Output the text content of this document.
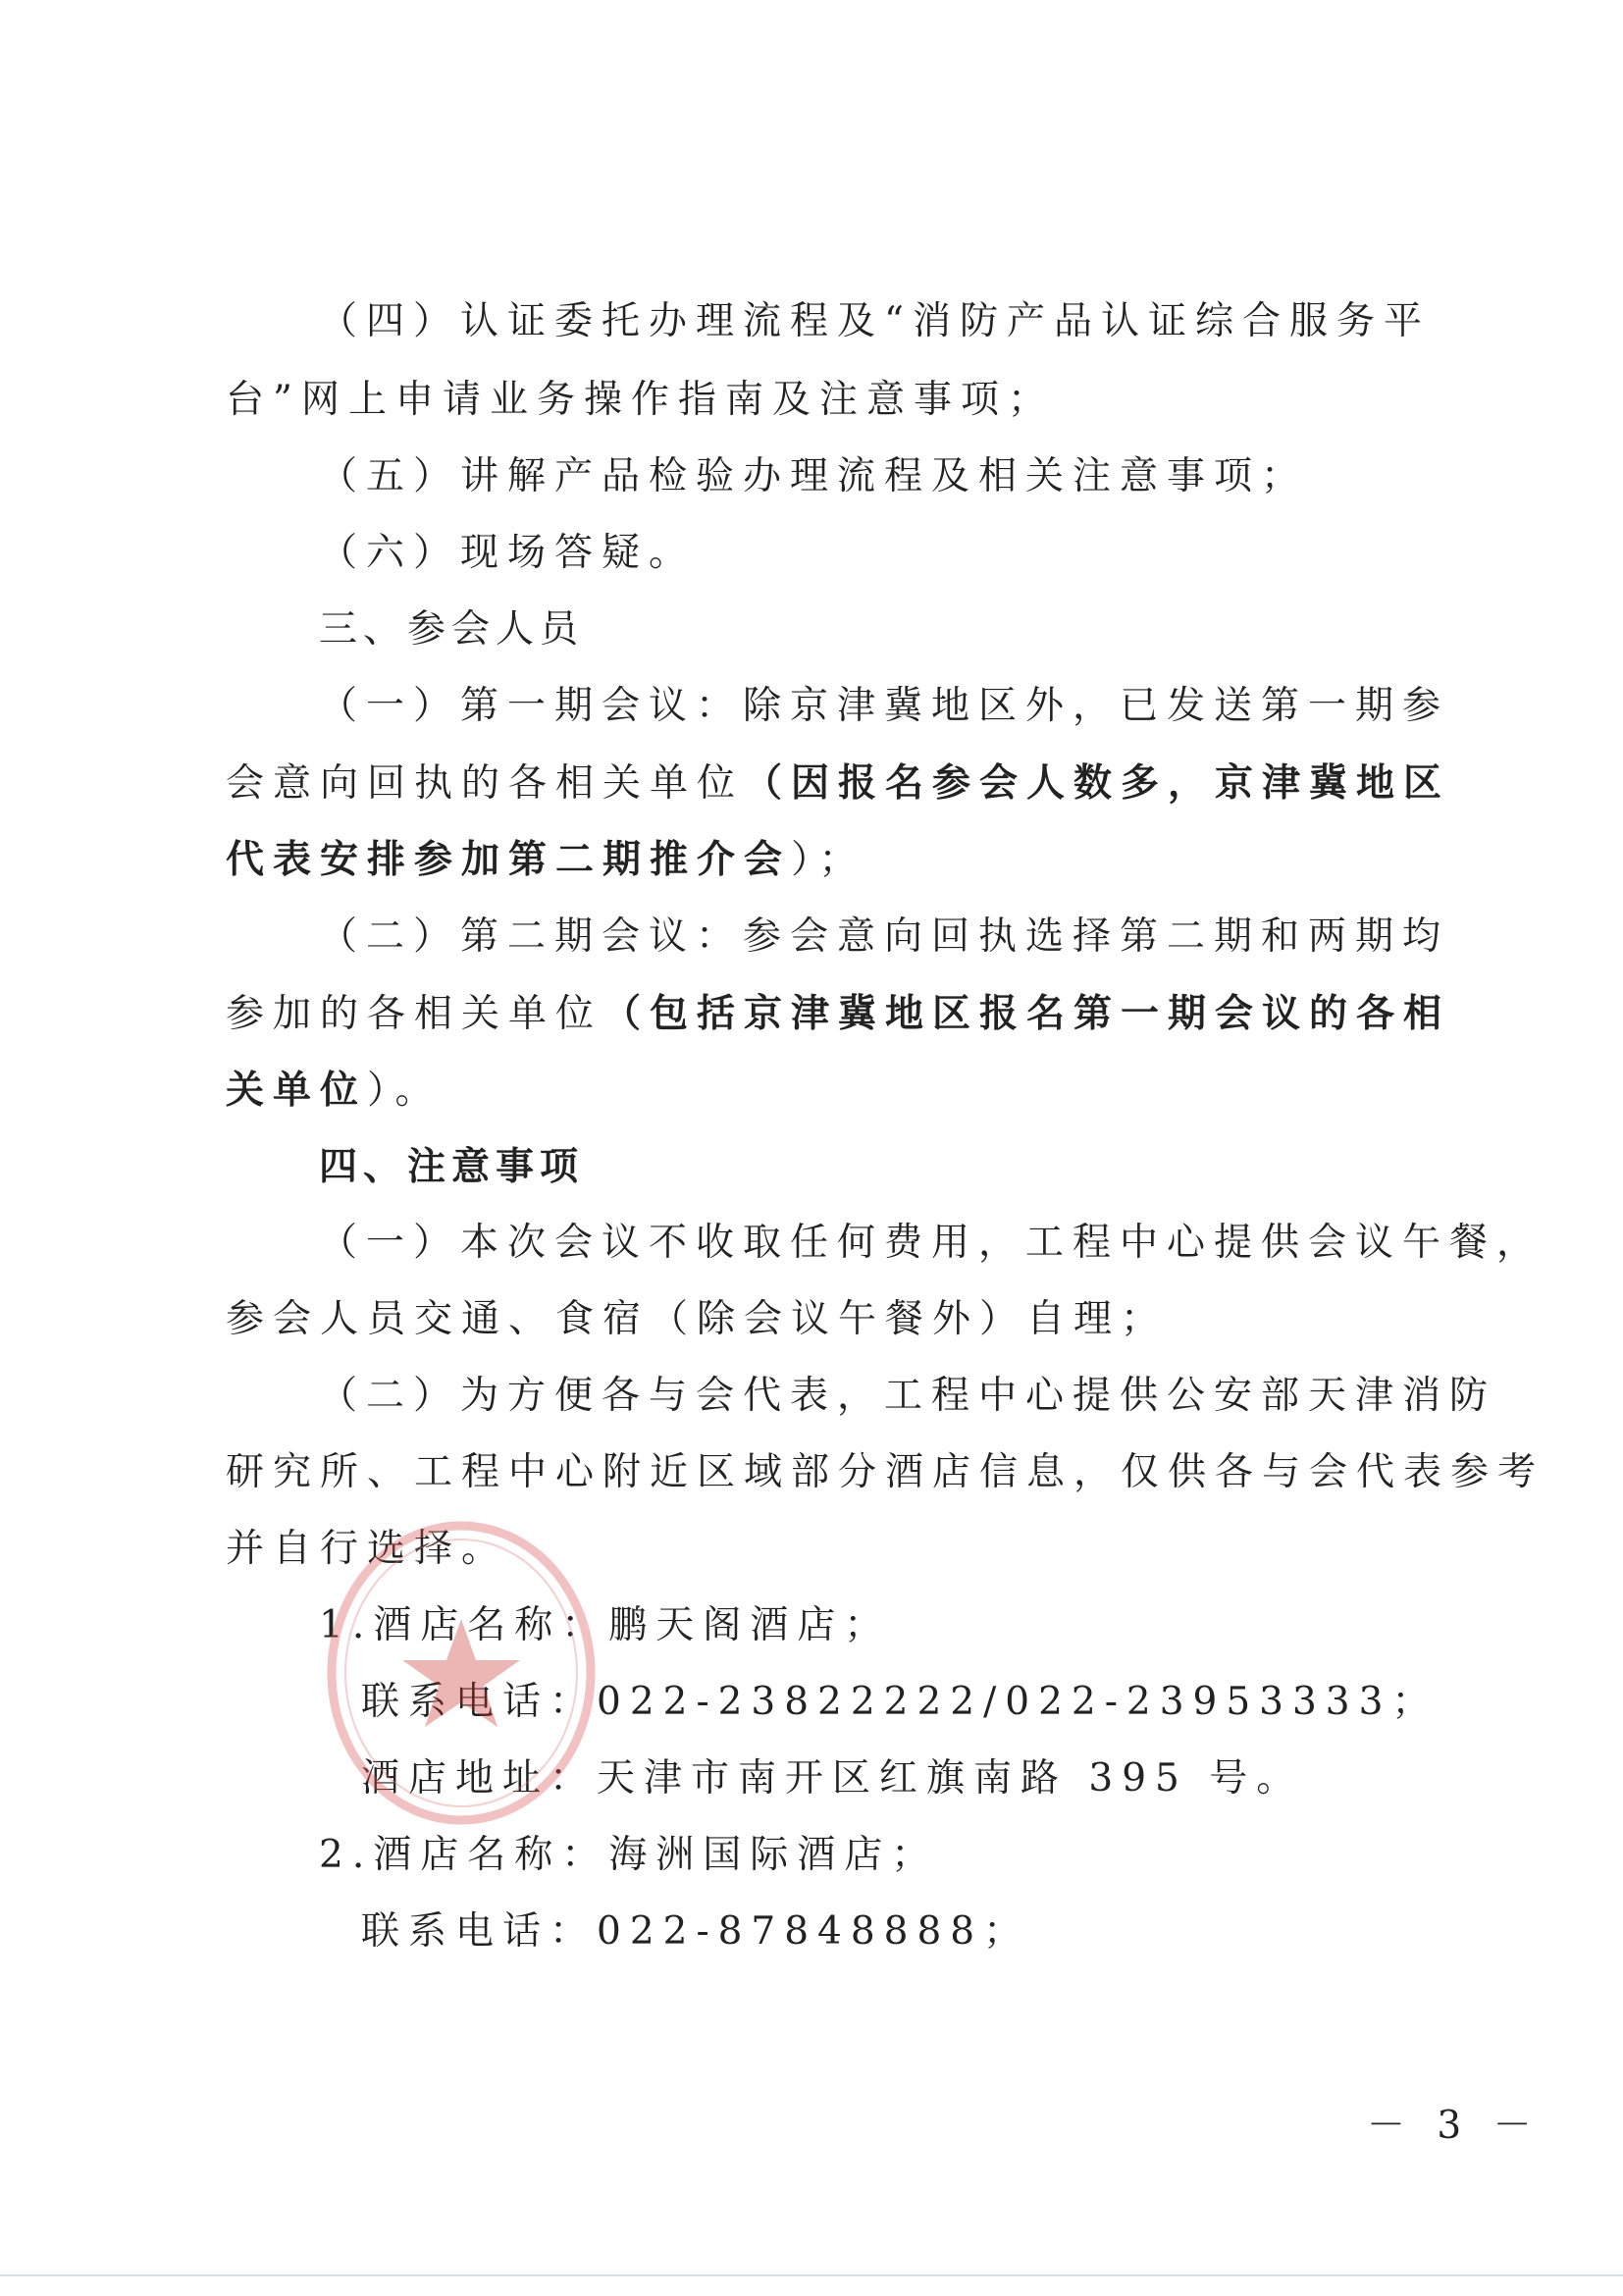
（四）认证委托办理流程及“消防产品认证综合服务平
台”网上申请业务操作指南及注意事项；
（五）讲解产品检验办理流程及相关注意事项；
（六）现场答疑。
三、参会人员
（一）第一期会议：除京津冀地区外，已发送第一期参
会意向回执的各相关单位（因报名参会人数多，京津冀地区
代表安排参加第二期推介会）；
（二）第二期会议：参会意向回执选择第二期和两期均
参加的各相关单位（包括京津冀地区报名第一期会议的各相
关单位）。
四、注意事项
（一）本次会议不收取任何费用，工程中心提供会议午餐，
参会人员交通、食宿（除会议午餐外）自理；
（二）为方便各与会代表，工程中心提供公安部天津消防
研究所、工程中心附近区域部分酒店信息，仅供各与会代表参考
并自行选择。
1.酒店名称：鹏天阁酒店；
联系电话：022-23822222/022-23953333；
酒店地址：天津市南开区红旗南路 395 号。
2.酒店名称：海洲国际酒店；
联系电话：022-87848888；
－ 3 －
